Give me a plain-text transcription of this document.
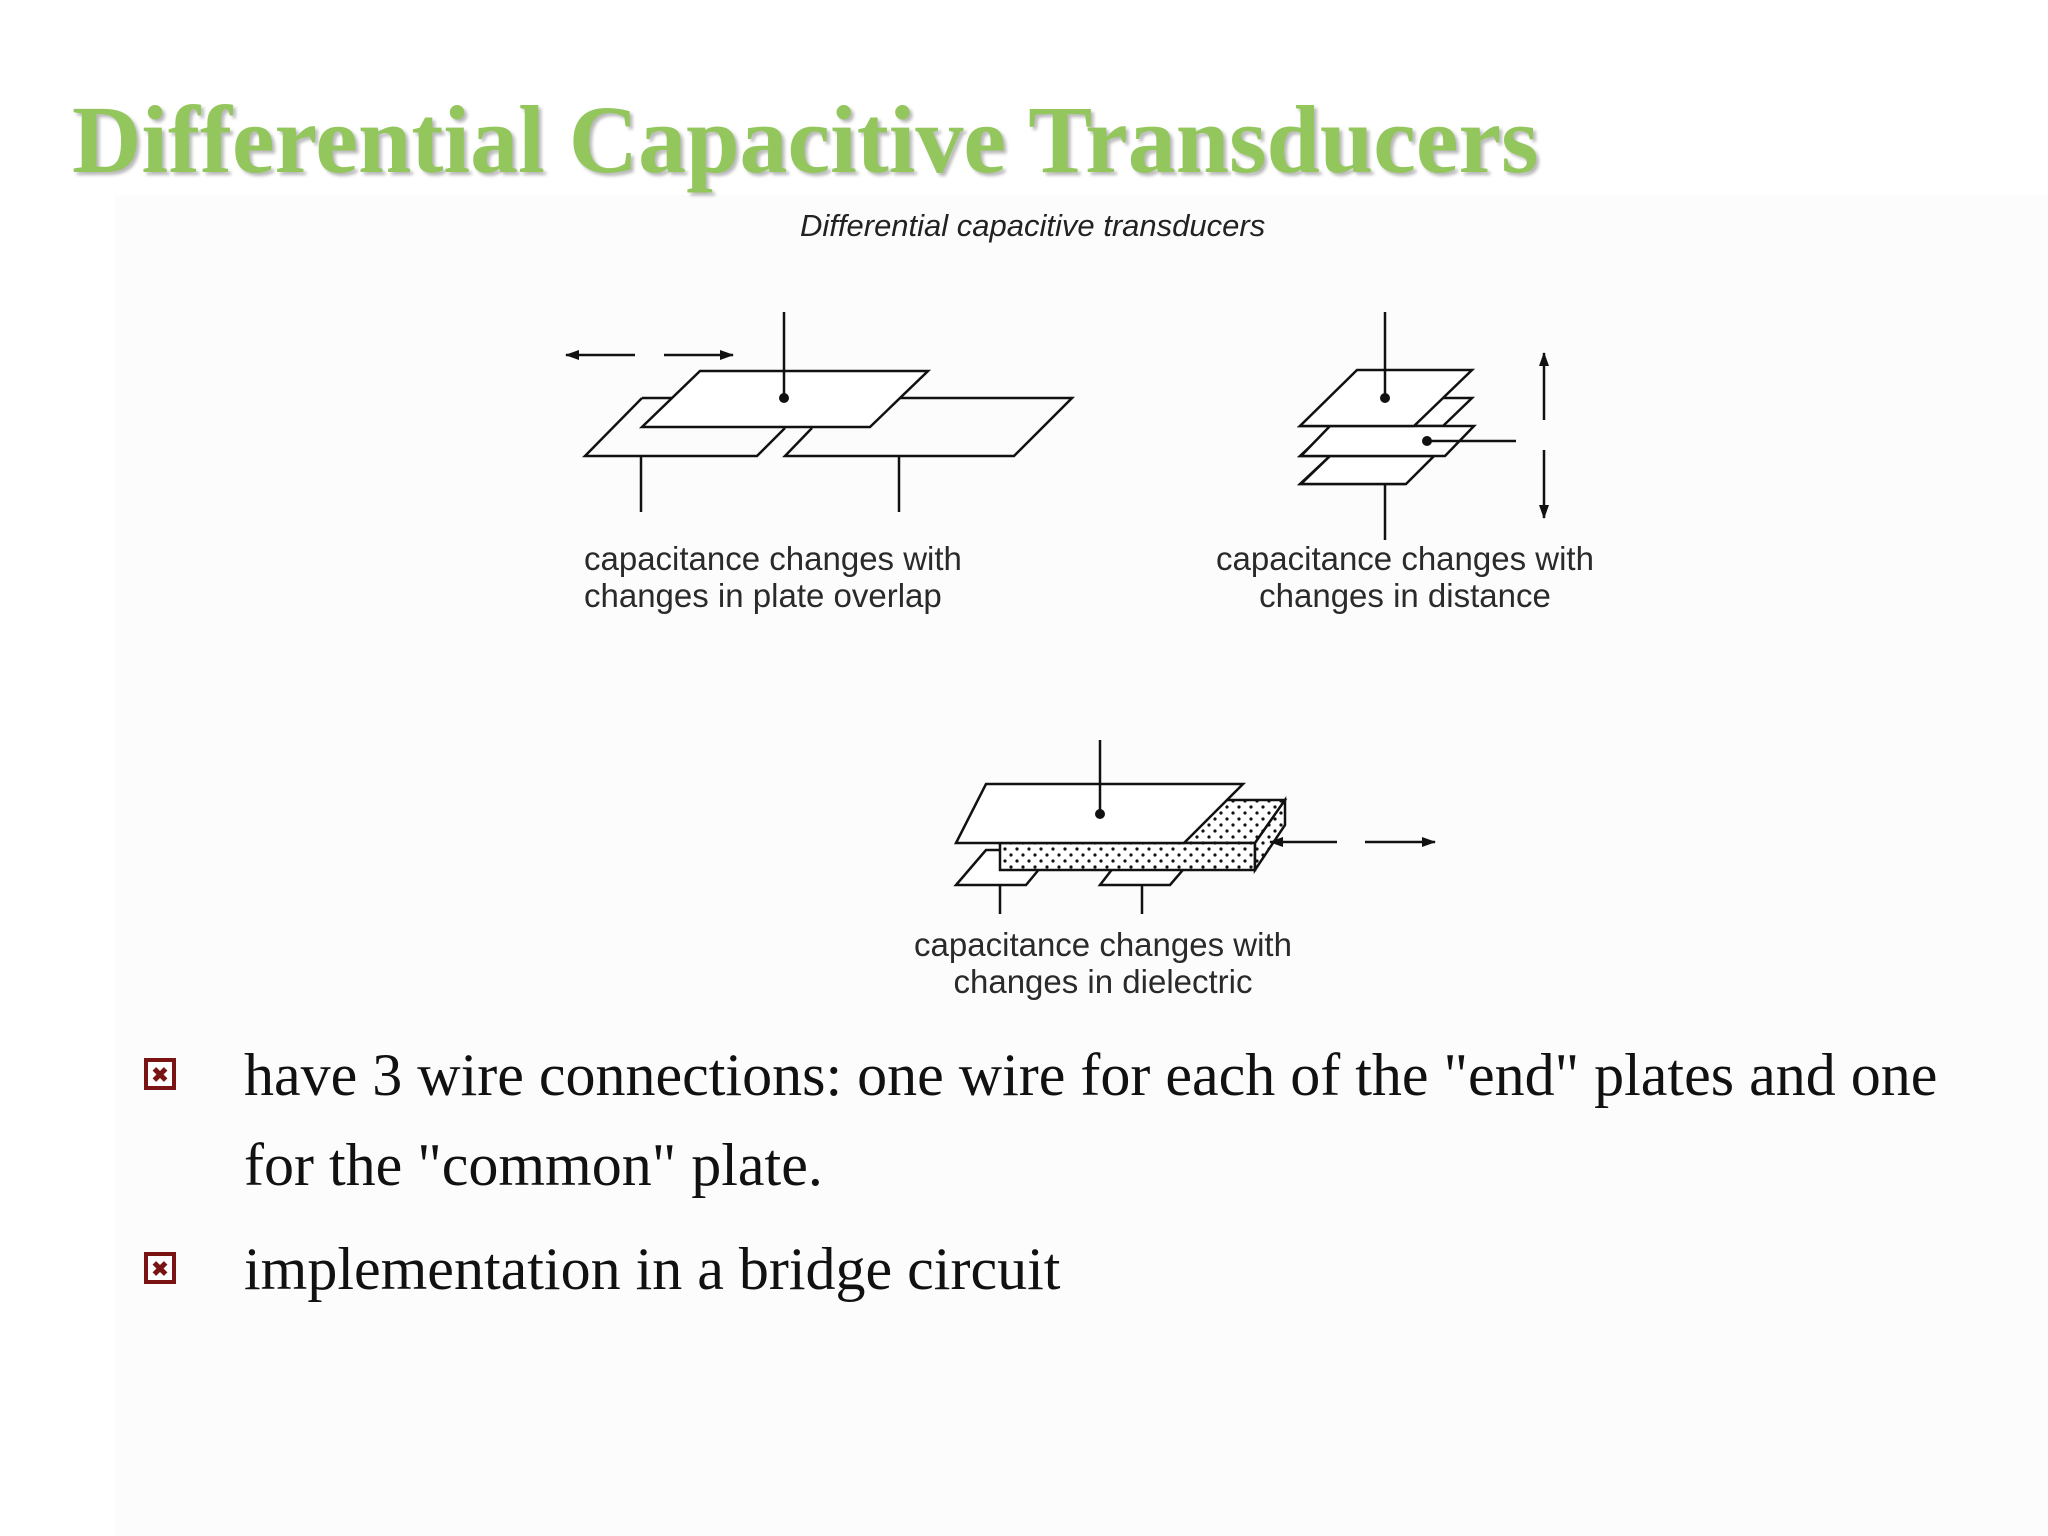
Differential Capacitive Transducers
Differential capacitive transducers
capacitance changes with
changes in plate overlap
capacitance changes with
changes in distance
capacitance changes with
changes in dielectric
have 3 wire connections: one wire for each of the "end" plates and one for the "common" plate.
implementation in a bridge circuit
